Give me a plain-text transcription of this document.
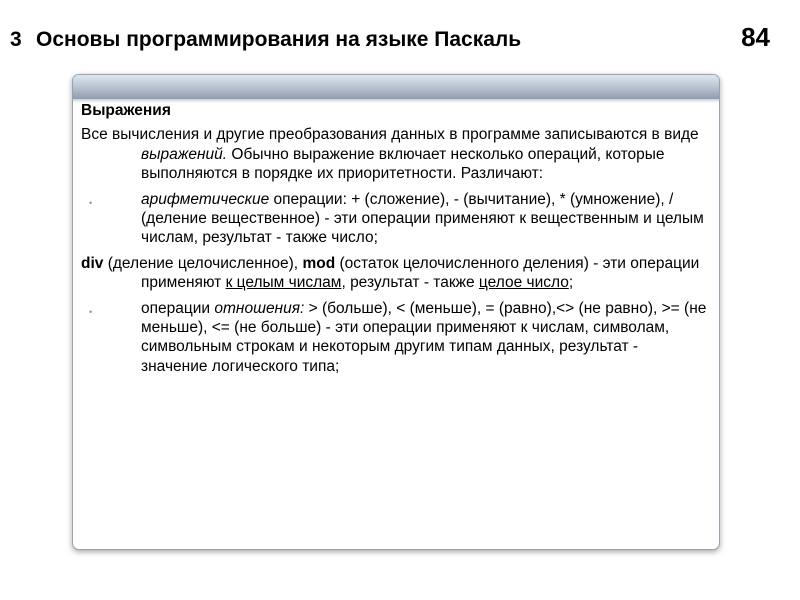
3 Основы программирования на языке Паскаль	84
Выражения
Все вычисления и другие преобразования данных в программе записываются в виде выражений. Обычно выражение включает несколько операций, которые выполняются в порядке их приоритетности. Различают:
•	арифметические операции: + (сложение), - (вычитание), * (умножение), / (деление вещественное) - эти операции применяют к вещественным и целым числам, результат - также число;
div (деление целочисленное), mod (остаток целочисленного деления) - эти операции применяют к целым числам, результат - также целое число;
•	операции отношения: > (больше), < (меньше), = (равно),<> (не равно), >= (не меньше), <= (не больше) - эти операции применяют к числам, символам, символьным строкам и некоторым другим типам данных, результат - значение логического типа;
